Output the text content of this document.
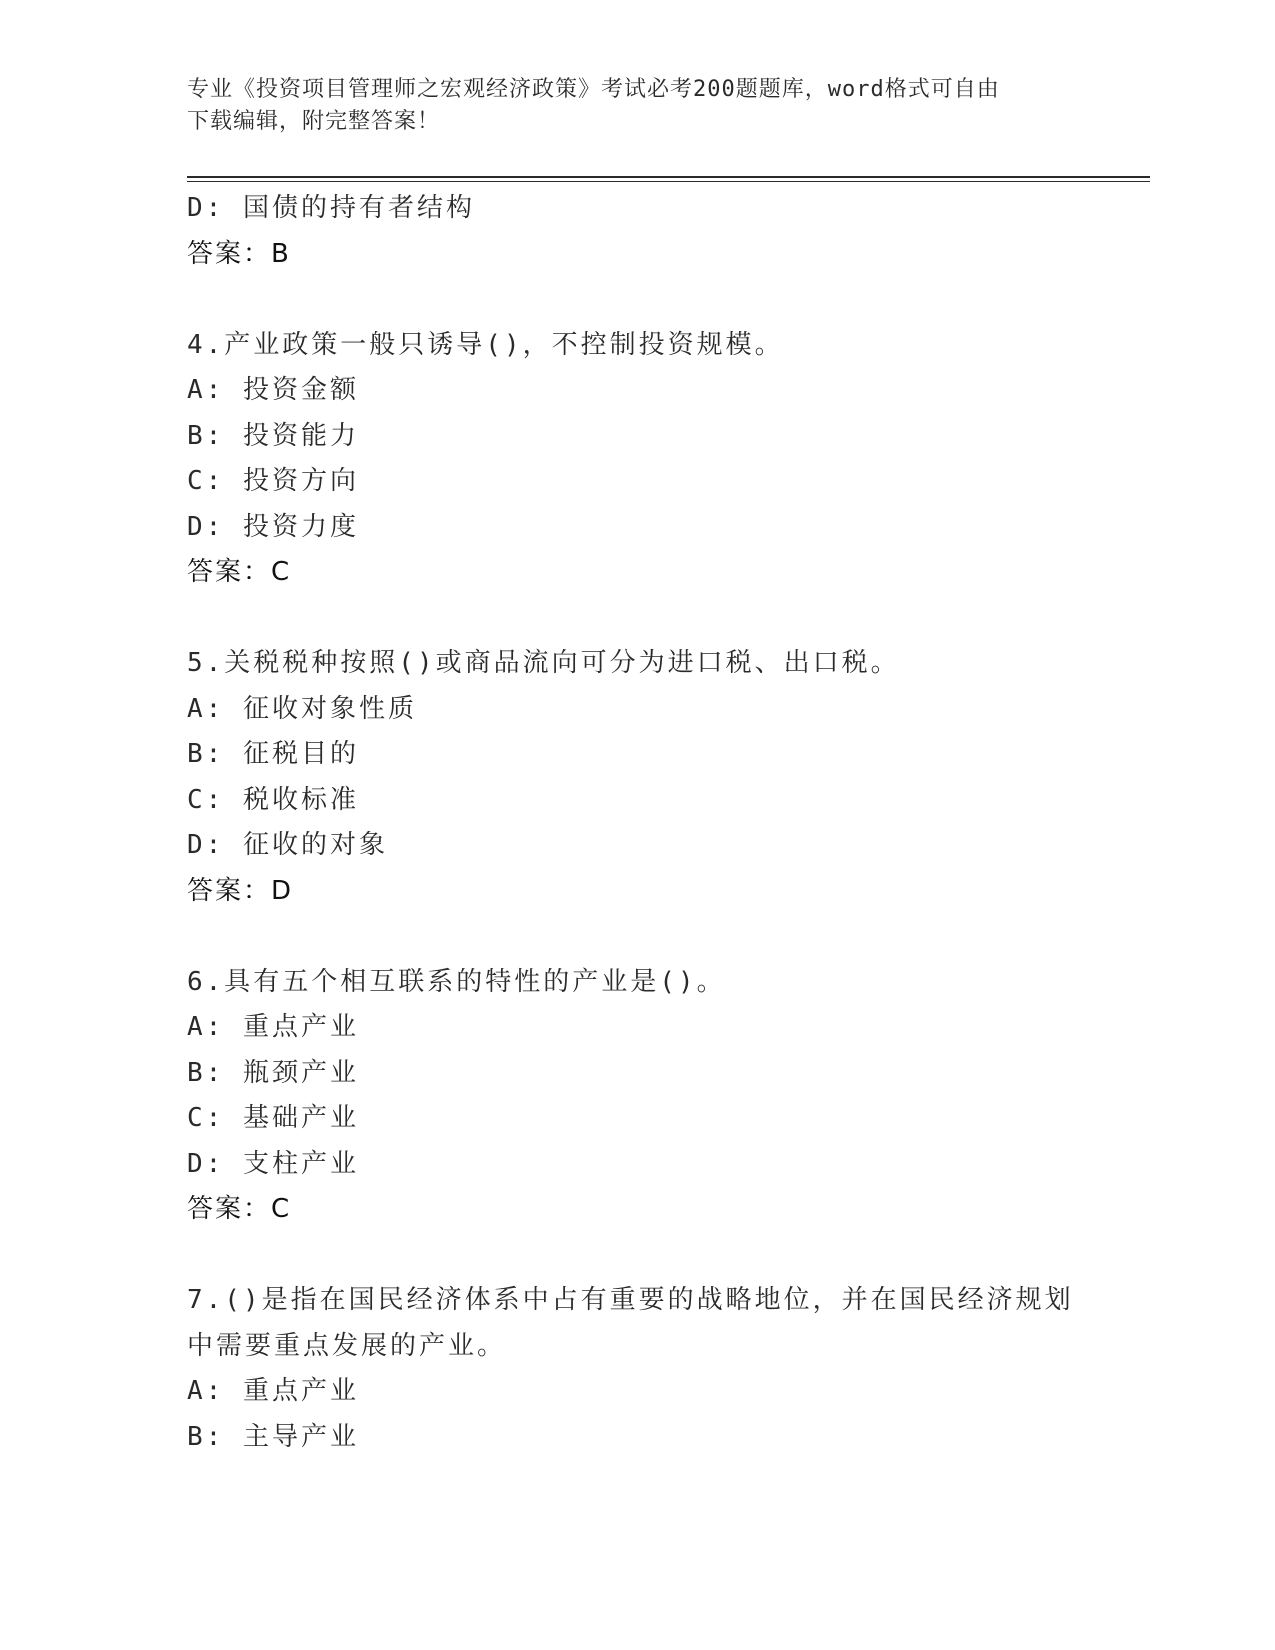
专业《投资项目管理师之宏观经济政策》考试必考200题题库，word格式可自由
下载编辑，附完整答案！
D: 国债的持有者结构
答案：B
4.产业政策一般只诱导()，不控制投资规模。
A: 投资金额
B: 投资能力
C: 投资方向
D: 投资力度
答案：C
5.关税税种按照()或商品流向可分为进口税、出口税。
A: 征收对象性质
B: 征税目的
C: 税收标准
D: 征收的对象
答案：D
6.具有五个相互联系的特性的产业是()。
A: 重点产业
B: 瓶颈产业
C: 基础产业
D: 支柱产业
答案：C
7.()是指在国民经济体系中占有重要的战略地位，并在国民经济规划
中需要重点发展的产业。
A: 重点产业
B: 主导产业
